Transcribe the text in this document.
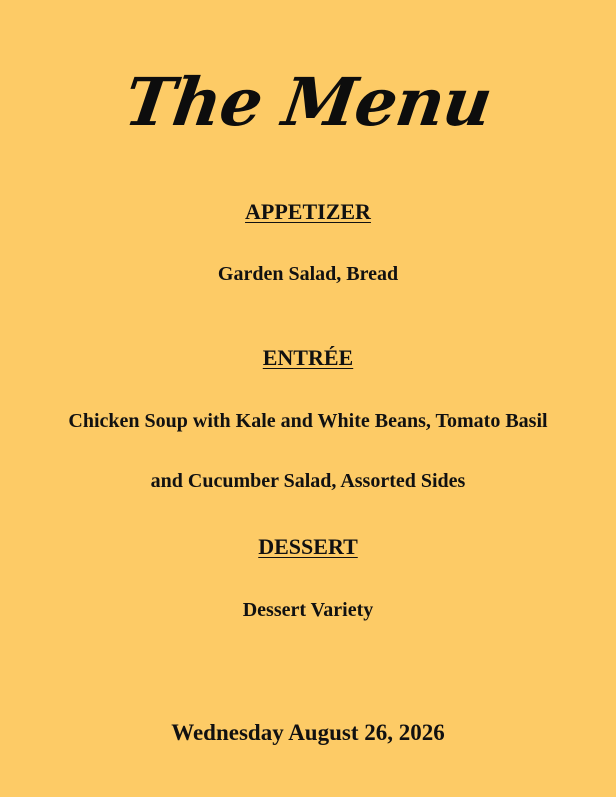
The Menu
APPETIZER
Garden Salad, Bread
ENTRÉE
Chicken Soup with Kale and White Beans, Tomato Basil
and Cucumber Salad, Assorted Sides
DESSERT
Dessert Variety
Wednesday August 26, 2026
